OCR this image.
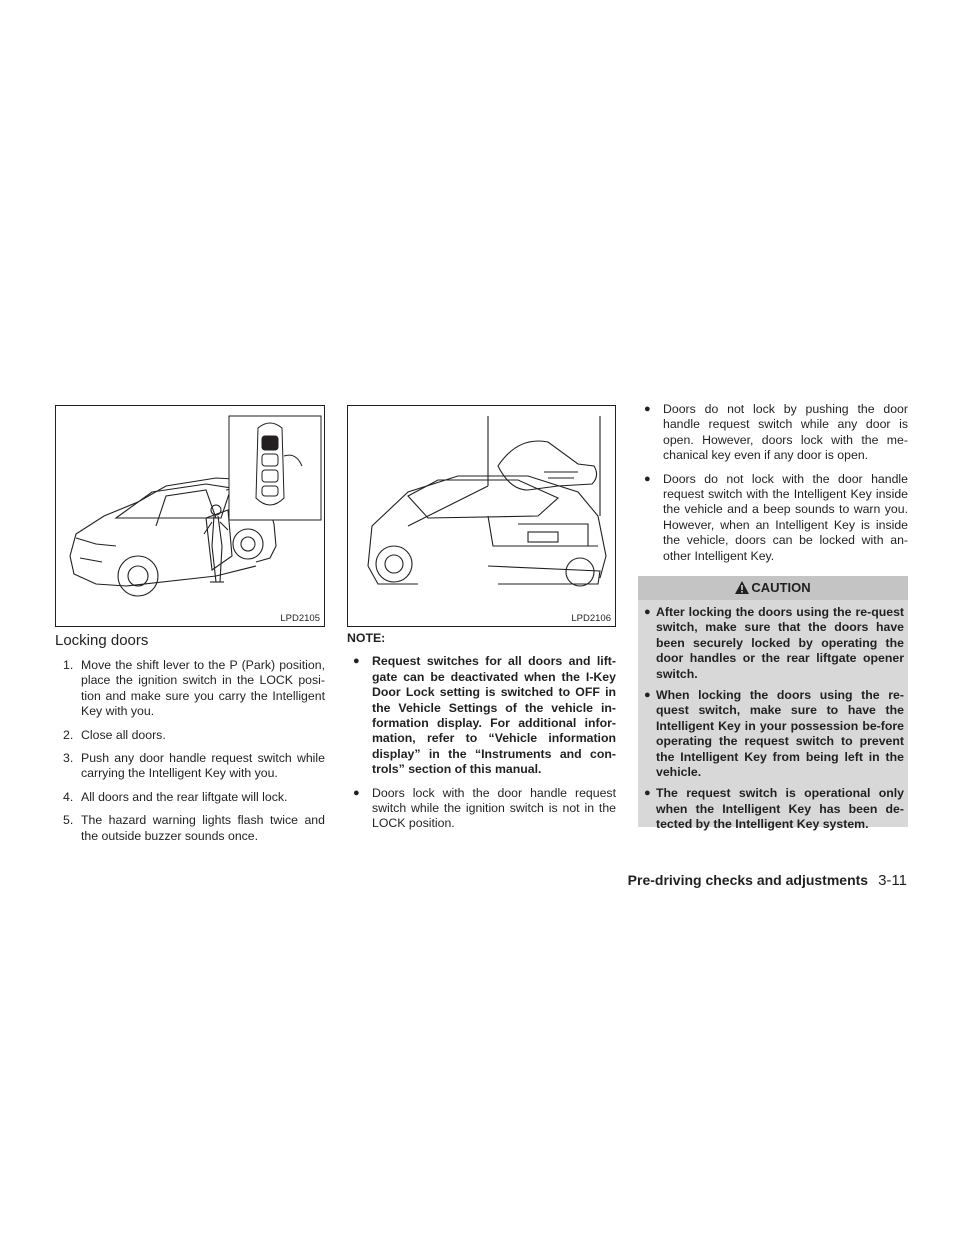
LPD2105	LPD2106
Locking doors
1. Move the shift lever to the P (Park) position, place the ignition switch in the LOCK posi-tion and make sure you carry the Intelligent Key with you.
2. Close all doors.
3. Push any door handle request switch while carrying the Intelligent Key with you.
4. All doors and the rear liftgate will lock.
5. The hazard warning lights flash twice and the outside buzzer sounds once.
NOTE:
● Request switches for all doors and lift-gate can be deactivated when the I-Key Door Lock setting is switched to OFF in the Vehicle Settings of the vehicle in-formation display. For additional infor-mation, refer to “Vehicle information display” in the “Instruments and con-trols” section of this manual.
● Doors lock with the door handle request switch while the ignition switch is not in the LOCK position.
● Doors do not lock by pushing the door handle request switch while any door is open. However, doors lock with the me-chanical key even if any door is open.
● Doors do not lock with the door handle request switch with the Intelligent Key inside the vehicle and a beep sounds to warn you. However, when an Intelligent Key is inside the vehicle, doors can be locked with an-other Intelligent Key.
CAUTION
● After locking the doors using the re-quest switch, make sure that the doors have been securely locked by operating the door handles or the rear liftgate opener switch.
● When locking the doors using the re-quest switch, make sure to have the Intelligent Key in your possession be-fore operating the request switch to prevent the Intelligent Key from being left in the vehicle.
● The request switch is operational only when the Intelligent Key has been de-tected by the Intelligent Key system.
Pre-driving checks and adjustments 3-11
